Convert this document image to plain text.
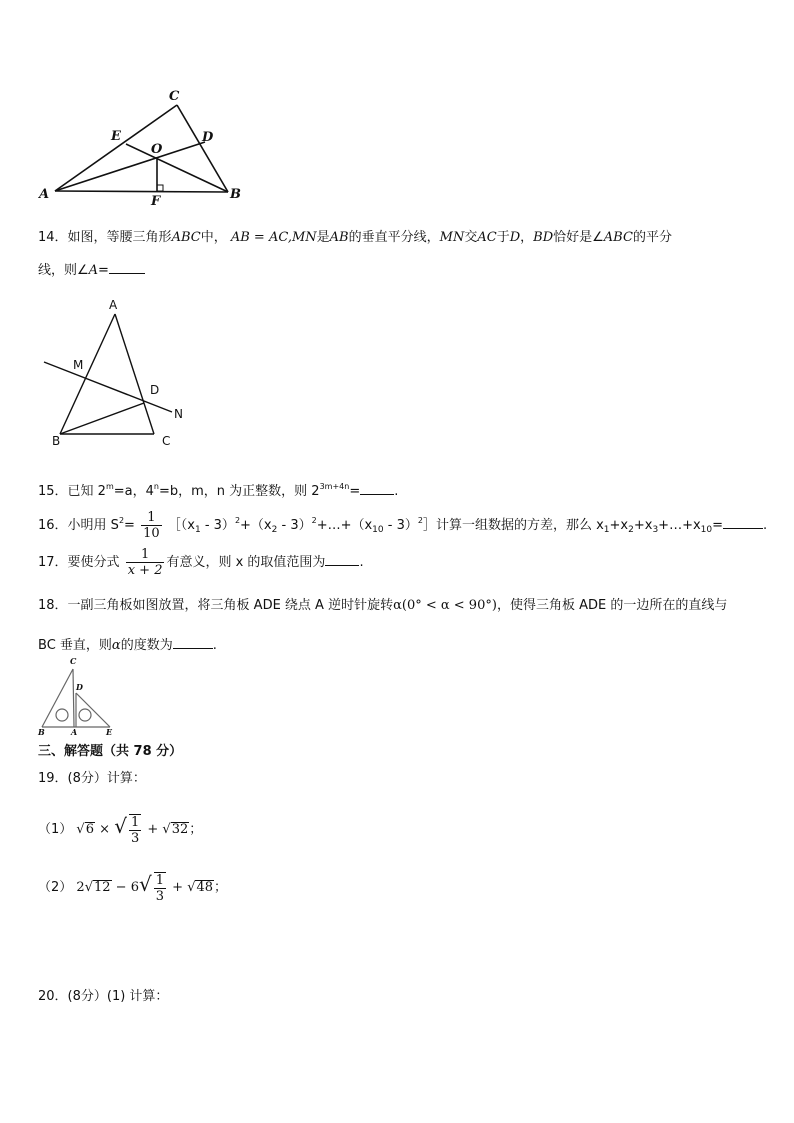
C
E	D
O
A	F	B
14．如图，等腰三角形ABC中， AB = AC,MN是AB的垂直平分线，MN交AC于D，BD恰好是∠ABC的平分
线，则∠A=
A
M
D
N
B	C
15．已知 $2^m=a$，$4^n=b$，m，n 为正整数，则 $2^{3m+4n}=$	.
16．小明用 $S^2= \frac{1}{10}$ $[(x_1 - 3)^2+(x_2$ - $3)^2+\dots+(x_{10}$ - 3）$^2$］计算一组数据的方差，那么 $x_1+x_2+x_3+\dots+x_{10}=$	.
17．要使分式 $\frac{1}{x + 2}$ 有意义，则 x 的取值范围为	.
18．一副三角板如图放置，将三角板 ADE 绕点 A 逆时针旋转α(0° < α < 90°)，使得三角板 ADE 的一边所在的直线与
BC 垂直，则α的度数为	.
C
D
B	A	E
三、解答题（共 78 分）
19．(8分）计算：
（1） √6 × √ $\frac{1}{3} + √32$；
（2） $2√12 - 6√ \frac{1}{3} + √48$；
20．(8分）(1) 计算：
